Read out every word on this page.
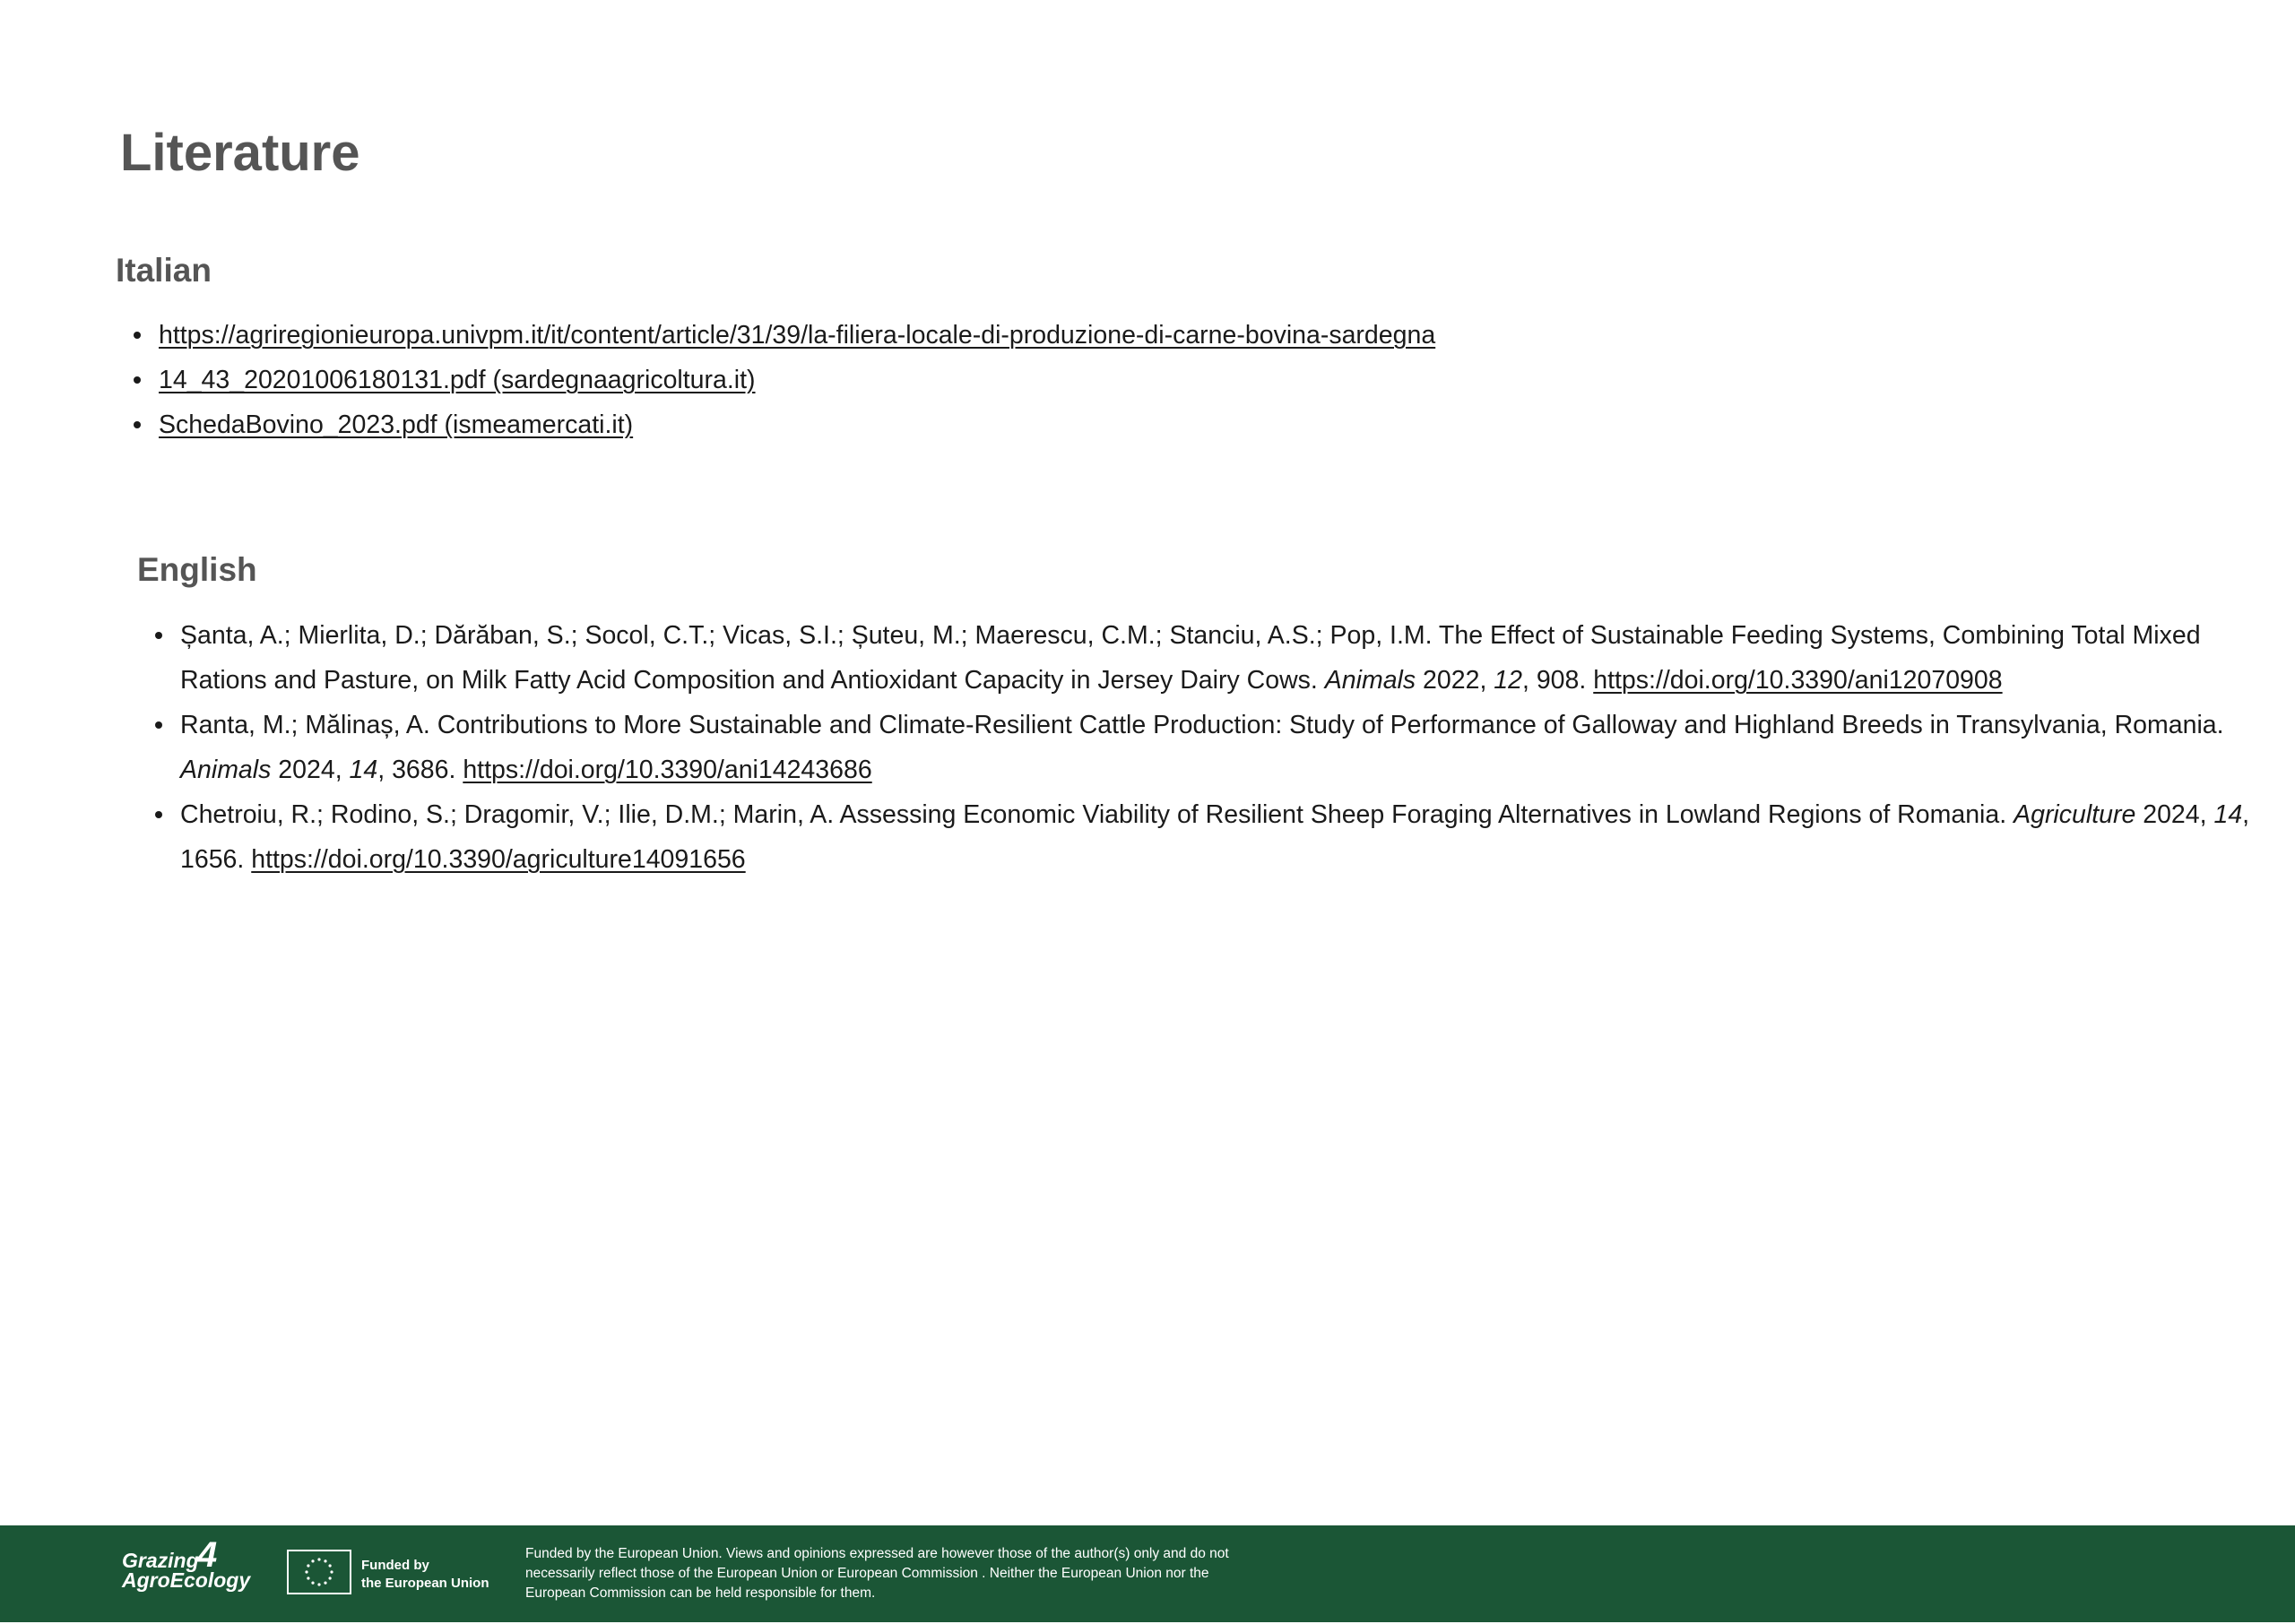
Literature
Italian
https://agriregionieuropa.univpm.it/it/content/article/31/39/la-filiera-locale-di-produzione-di-carne-bovina-sardegna
14_43_20201006180131.pdf (sardegnaagricoltura.it)
SchedaBovino_2023.pdf (ismeamercati.it)
English
Șanta, A.; Mierlita, D.; Dărăban, S.; Socol, C.T.; Vicas, S.I.; Șuteu, M.; Maerescu, C.M.; Stanciu, A.S.; Pop, I.M. The Effect of Sustainable Feeding Systems, Combining Total Mixed Rations and Pasture, on Milk Fatty Acid Composition and Antioxidant Capacity in Jersey Dairy Cows. Animals 2022, 12, 908. https://doi.org/10.3390/ani12070908
Ranta, M.; Mălinaș, A. Contributions to More Sustainable and Climate-Resilient Cattle Production: Study of Performance of Galloway and Highland Breeds in Transylvania, Romania. Animals 2024, 14, 3686. https://doi.org/10.3390/ani14243686
Chetroiu, R.; Rodino, S.; Dragomir, V.; Ilie, D.M.; Marin, A. Assessing Economic Viability of Resilient Sheep Foraging Alternatives in Lowland Regions of Romania. Agriculture 2024, 14, 1656. https://doi.org/10.3390/agriculture14091656
Grazing
AgroEcology
4	Funded by
the European Union
Funded by the European Union. Views and opinions expressed are however those of the author(s) only and do not necessarily reflect those of the European Union or European Commission . Neither the European Union nor the European Commission can be held responsible for them.
